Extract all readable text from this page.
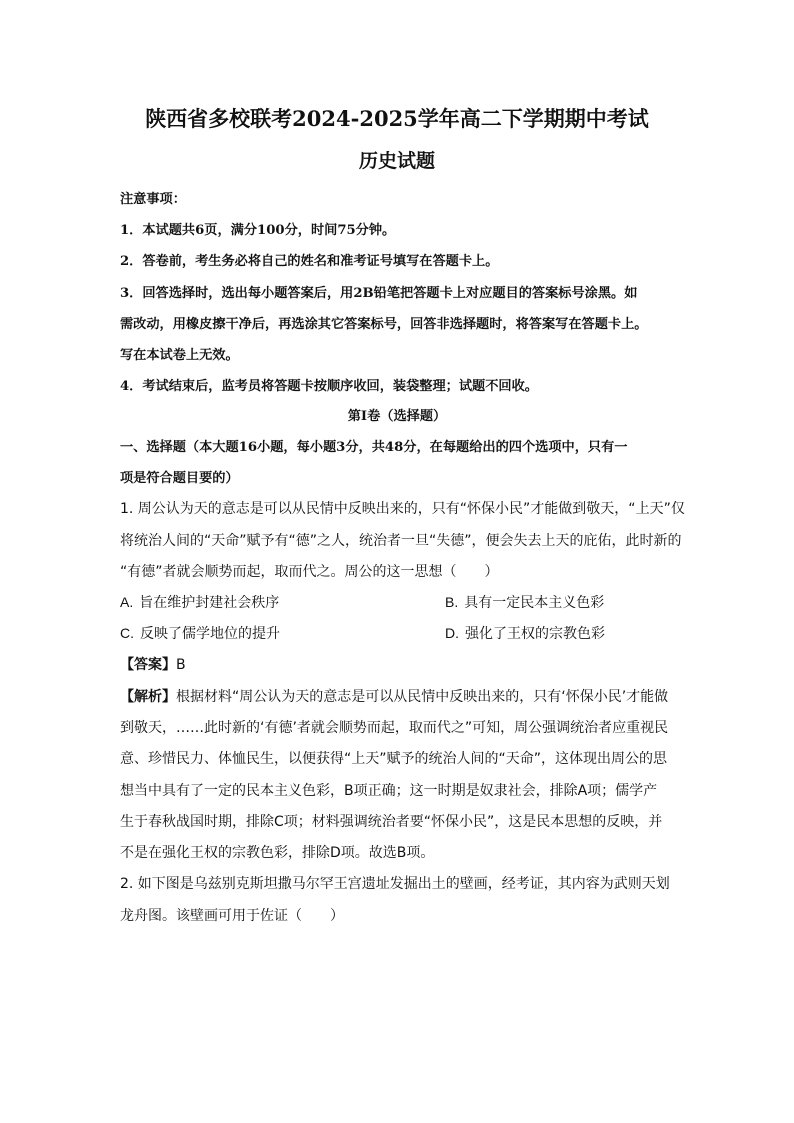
陕西省多校联考2024-2025学年高二下学期期中考试
历史试题
注意事项：
1．本试题共6页，满分100分，时间75分钟。
2．答卷前，考生务必将自己的姓名和准考证号填写在答题卡上。
3．回答选择时，选出每小题答案后，用2B铅笔把答题卡上对应题目的答案标号涂黑。如
需改动，用橡皮擦干净后，再选涂其它答案标号，回答非选择题时，将答案写在答题卡上。
写在本试卷上无效。
4．考试结束后，监考员将答题卡按顺序收回，装袋整理；试题不回收。
第Ⅰ卷（选择题）
一、选择题（本大题16小题，每小题3分，共48分，在每题给出的四个选项中，只有一
项是符合题目要的）
1. 周公认为天的意志是可以从民情中反映出来的，只有“怀保小民”才能做到敬天，“上天”仅
将统治人间的“天命”赋予有“德”之人，统治者一旦“失德”，便会失去上天的庇佑，此时新的
“有德”者就会顺势而起，取而代之。周公的这一思想（　　）
A. 旨在维护封建社会秩序	B. 具有一定民本主义色彩
C. 反映了儒学地位的提升	D. 强化了王权的宗教色彩
【答案】B
【解析】根据材料“周公认为天的意志是可以从民情中反映出来的，只有‘怀保小民’才能做
到敬天，……此时新的‘有德’者就会顺势而起，取而代之”可知，周公强调统治者应重视民
意、珍惜民力、体恤民生，以便获得“上天”赋予的统治人间的“天命”，这体现出周公的思
想当中具有了一定的民本主义色彩，B项正确；这一时期是奴隶社会，排除A项；儒学产
生于春秋战国时期，排除C项；材料强调统治者要“怀保小民”，这是民本思想的反映，并
不是在强化王权的宗教色彩，排除D项。故选B项。
2. 如下图是乌兹别克斯坦撒马尔罕王宫遗址发掘出土的壁画，经考证，其内容为武则天划
龙舟图。该壁画可用于佐证（　　）
